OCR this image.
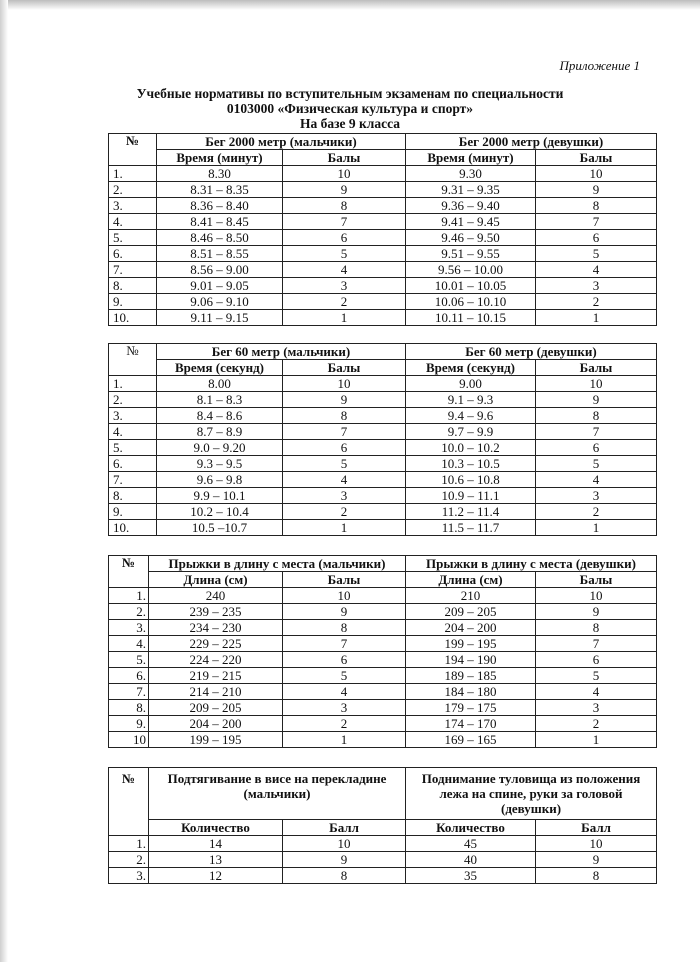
Приложение 1
Учебные нормативы по вступительным экзаменам по специальности
0103000 «Физическая культура и спорт»
На базе 9 класса
№	Бег 2000 метр (мальчики)		Бег 2000 метр (девушки)	
	Время (минут)	Балы	Время (минут)	Балы
1.	8.30	10	9.30	10
2.	8.31 – 8.35	9	9.31 – 9.35	9
3.	8.36 – 8.40	8	9.36 – 9.40	8
4.	8.41 – 8.45	7	9.41 – 9.45	7
5.	8.46 – 8.50	6	9.46 – 9.50	6
6.	8.51 – 8.55	5	9.51 – 9.55	5
7.	8.56 – 9.00	4	9.56 – 10.00	4
8.	9.01 – 9.05	3	10.01 – 10.05	3
9.	9.06 – 9.10	2	10.06 – 10.10	2
10.	9.11 – 9.15	1	10.11 – 10.15	1
№	Бег 60 метр (мальчики)		Бег 60 метр (девушки)	
	Время (секунд)	Балы	Время (секунд)	Балы
1.	8.00	10	9.00	10
2.	8.1 – 8.3	9	9.1 – 9.3	9
3.	8.4 – 8.6	8	9.4 – 9.6	8
4.	8.7 – 8.9	7	9.7 – 9.9	7
5.	9.0 – 9.20	6	10.0 – 10.2	6
6.	9.3 – 9.5	5	10.3 – 10.5	5
7.	9.6 – 9.8	4	10.6 – 10.8	4
8.	9.9 – 10.1	3	10.9 – 11.1	3
9.	10.2 – 10.4	2	11.2 – 11.4	2
10.	10.5 –10.7	1	11.5 – 11.7	1
№	Прыжки в длину с места (мальчики)		Прыжки в длину с места (девушки)	
	Длина (см)	Балы	Длина (см)	Балы
1.	240	10	210	10
2.	239 – 235	9	209 – 205	9
3.	234 – 230	8	204 – 200	8
4.	229 – 225	7	199 – 195	7
5.	224 – 220	6	194 – 190	6
6.	219 – 215	5	189 – 185	5
7.	214 – 210	4	184 – 180	4
8.	209 – 205	3	179 – 175	3
9.	204 – 200	2	174 – 170	2
10	199 – 195	1	169 – 165	1
№	Подтягивание в висе на перекладине (мальчики)		Поднимание туловища из положения лежа на спине, руки за головой (девушки)	
	Количество	Балл	Количество	Балл
1.	14	10	45	10
2.	13	9	40	9
3.	12	8	35	8
